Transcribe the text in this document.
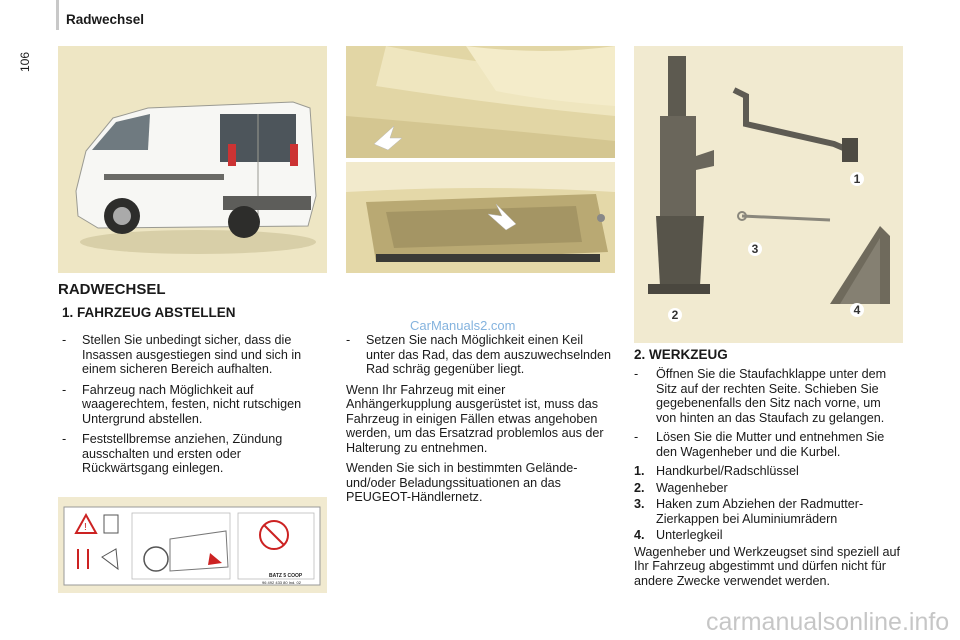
Radwechsel
106
1
2
3
4
RADWECHSEL
1. FAHRZEUG ABSTELLEN
2. WERKZEUG
-	Stellen Sie unbedingt sicher, dass die Insassen ausgestiegen sind und sich in einem sicheren Bereich aufhalten.
-	Fahrzeug nach Möglichkeit auf waagerechtem, festen, nicht rutschigen Untergrund abstellen.
-	Feststellbremse anziehen, Zündung ausschalten und ersten oder Rückwärtsgang einlegen.
-	Setzen Sie nach Möglichkeit einen Keil unter das Rad, das dem auszuwechselnden Rad schräg gegenüber liegt.
Wenn Ihr Fahrzeug mit einer Anhängerkupplung ausgerüstet ist, muss das Fahrzeug in einigen Fällen etwas angehoben werden, um das Ersatzrad problemlos aus der Halterung zu entnehmen.
Wenden Sie sich in bestimmten Gelände- und/oder Beladungssituationen an das PEUGEOT-Händlernetz.
-	Öffnen Sie die Staufachklappe unter dem Sitz auf der rechten Seite. Schieben Sie gegebenenfalls den Sitz nach vorne, um von hinten an das Staufach zu gelangen.
-	Lösen Sie die Mutter und entnehmen Sie den Wagenheber und die Kurbel.
1. Handkurbel/Radschlüssel
2. Wagenheber
3. Haken zum Abziehen der Radmutter-Zierkappen bei Aluminiumrädern
4. Unterlegkeil
Wagenheber und Werkzeugset sind speziell auf Ihr Fahrzeug abgestimmt und dürfen nicht für andere Zwecke verwendet werden.
!
BATZ 5 COOP
96 492 433 80 Ind. 02
CarManuals2.com
carmanualsonline.info
